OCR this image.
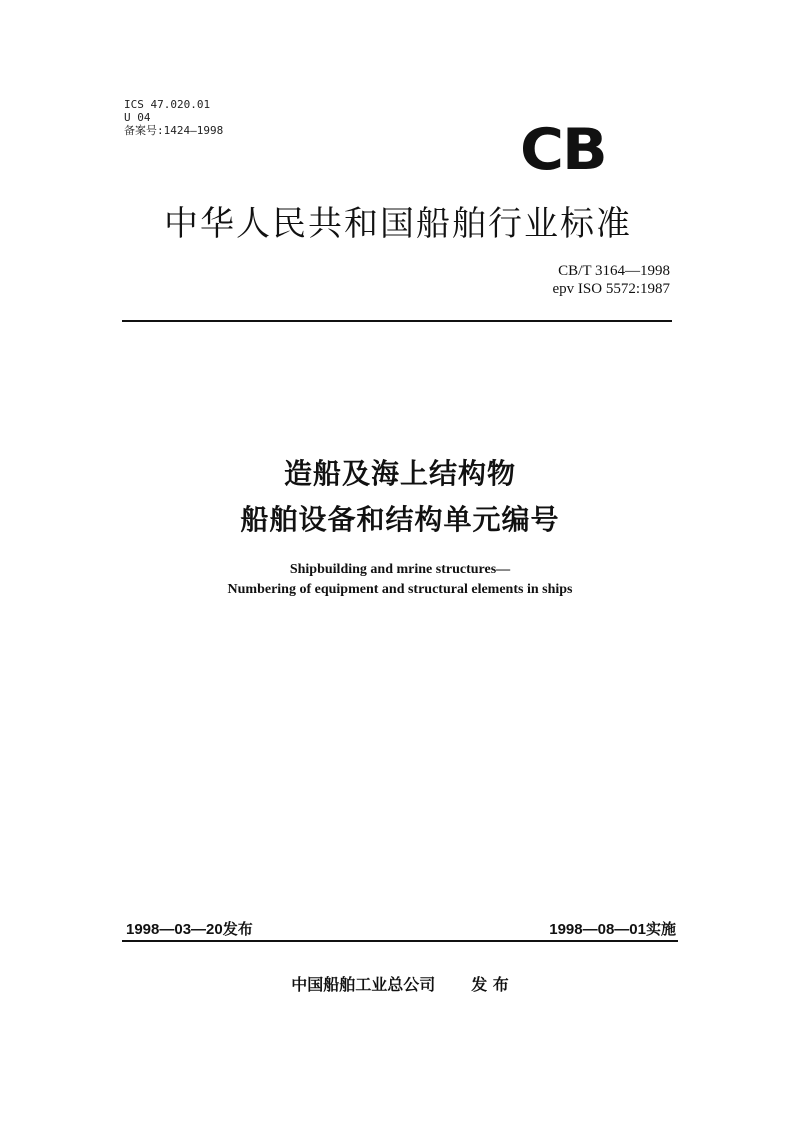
ICS 47.020.01
U 04
备案号:1424—1998	CB
中华人民共和国船舶行业标准
CB/T 3164—1998
epv ISO 5572:1987
造船及海上结构物
船舶设备和结构单元编号
Shipbuilding and mrine structures—
Numbering of equipment and structural elements in ships
1998—03—20发布	1998—08—01实施
中国船舶工业总公司 发 布
